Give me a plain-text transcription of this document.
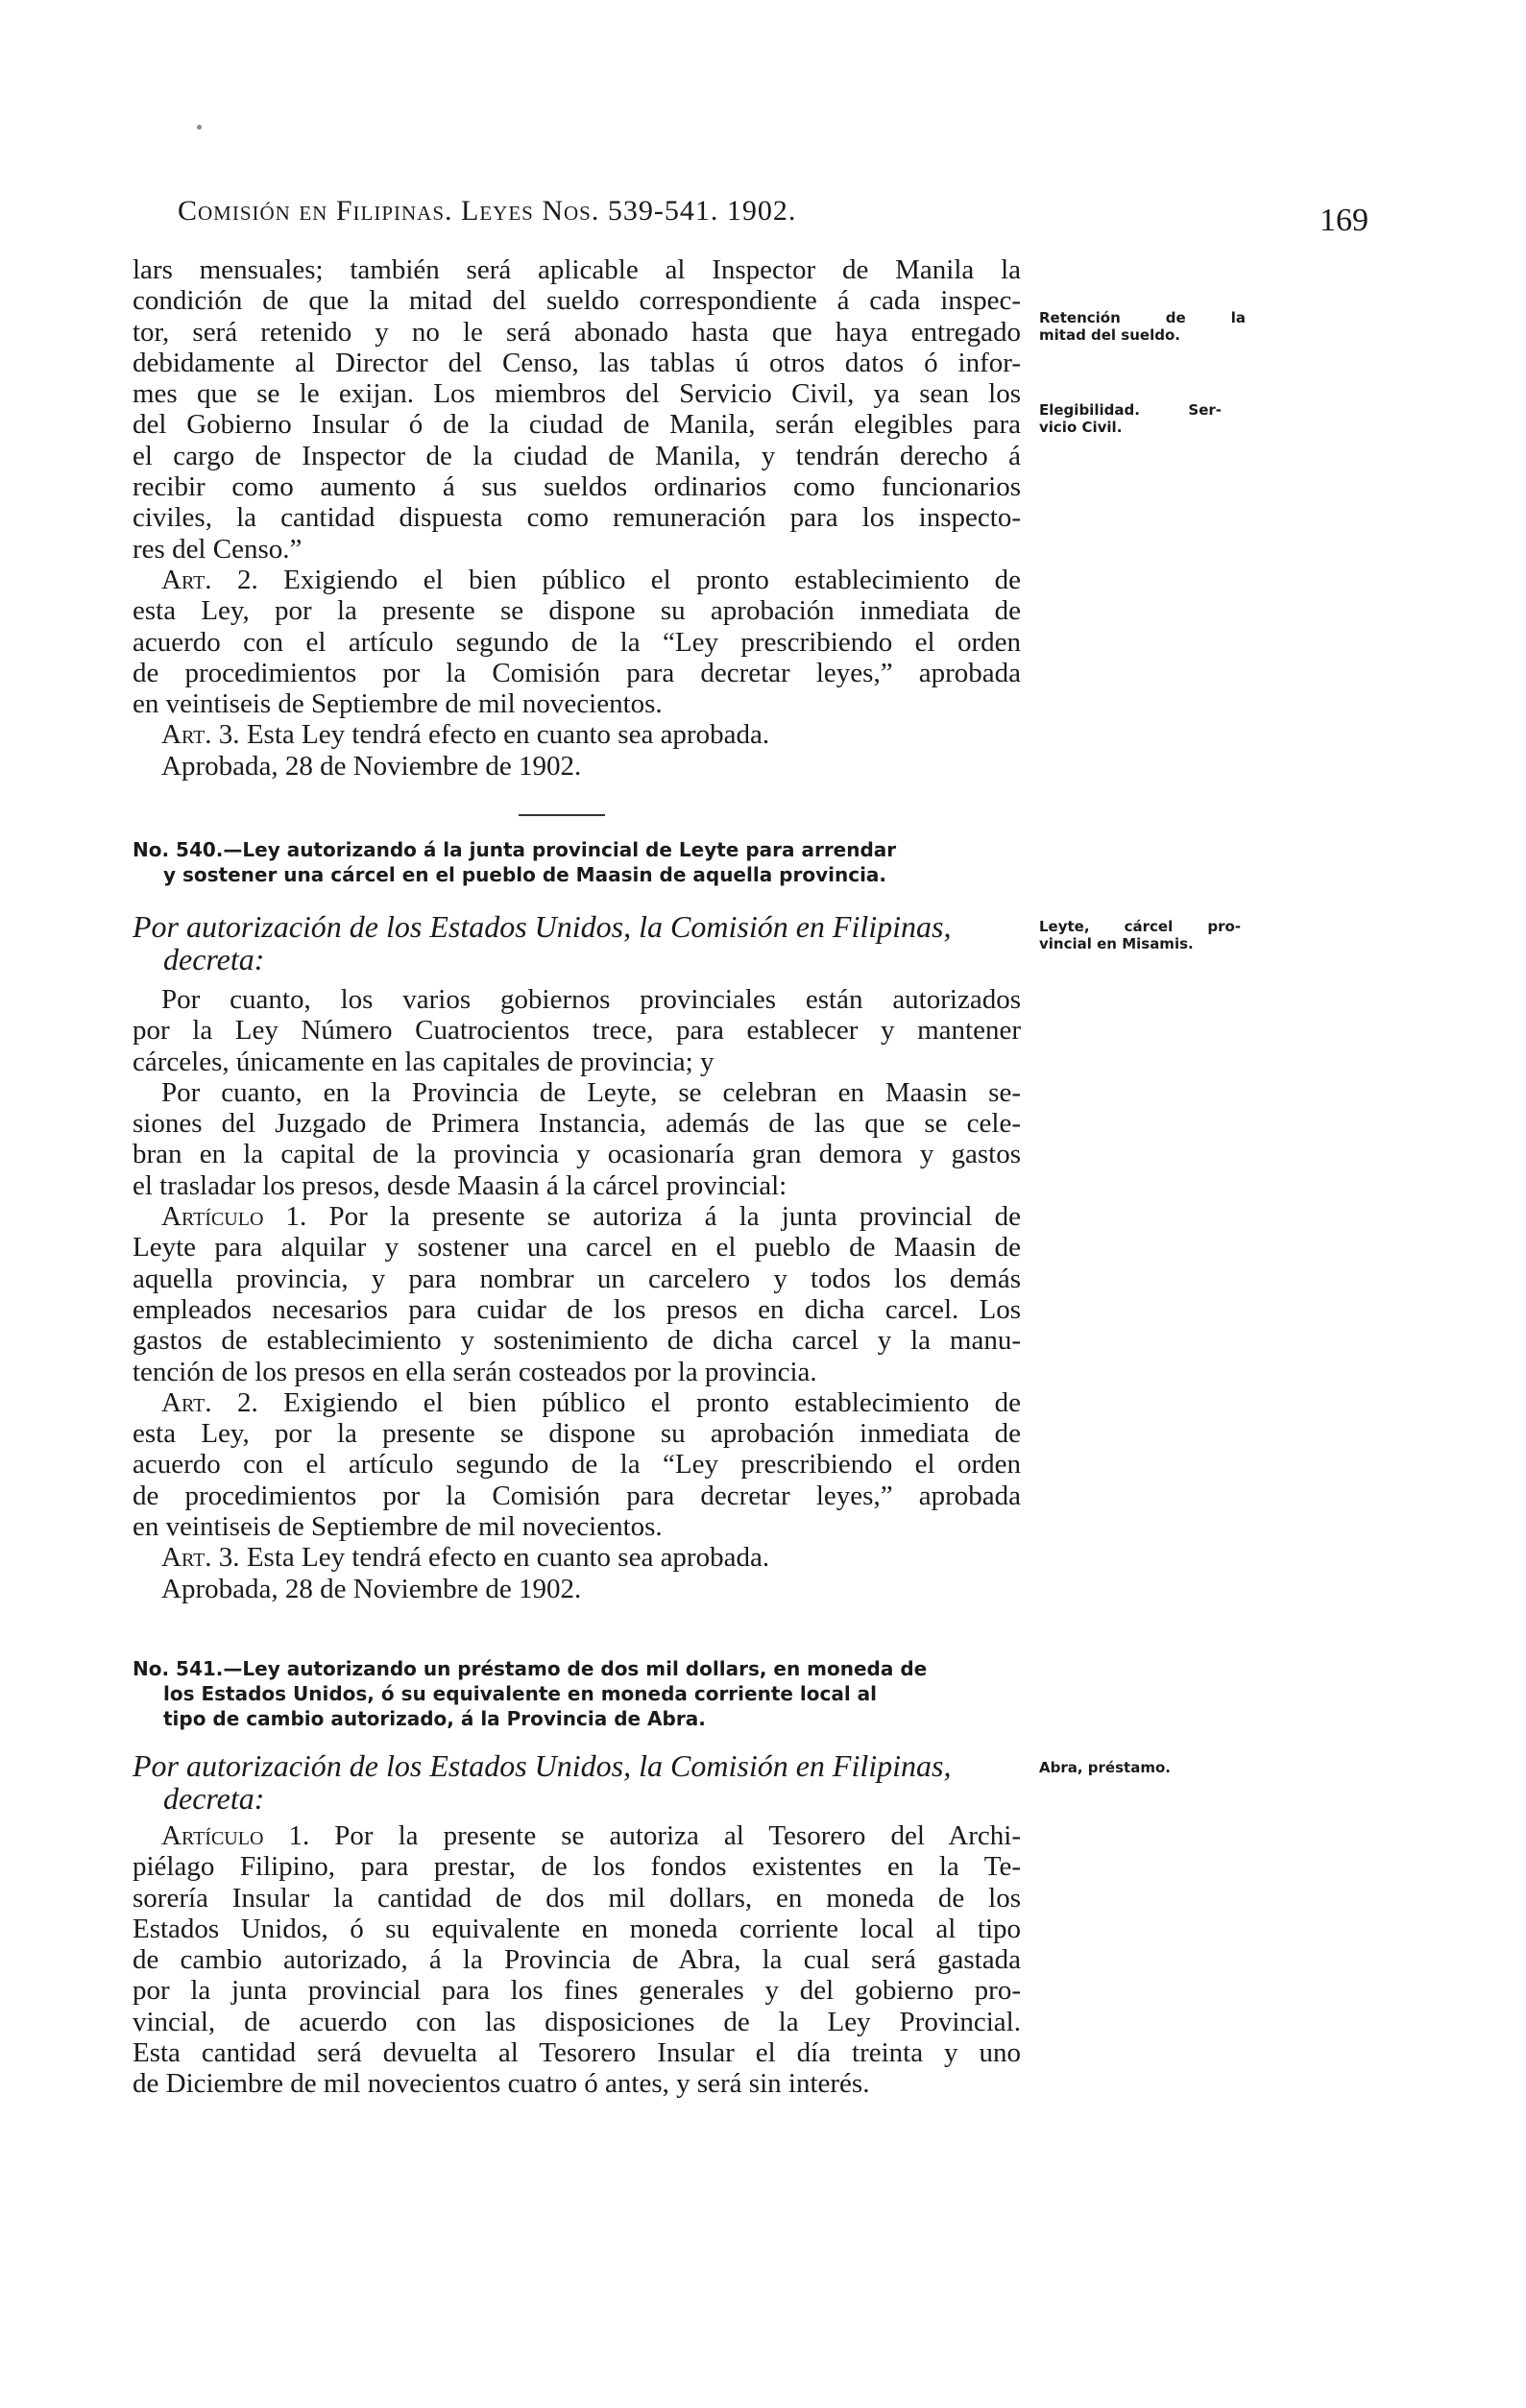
Comisión en Filipinas. Leyes Nos. 539-541. 1902.	169
lars mensuales; también será aplicable al Inspector de Manila la
condición de que la mitad del sueldo correspondiente á cada inspec-
tor, será retenido y no le será abonado hasta que haya entregado
debidamente al Director del Censo, las tablas ú otros datos ó infor-
mes que se le exijan. Los miembros del Servicio Civil, ya sean los
del Gobierno Insular ó de la ciudad de Manila, serán elegibles para
el cargo de Inspector de la ciudad de Manila, y tendrán derecho á
recibir como aumento á sus sueldos ordinarios como funcionarios
civiles, la cantidad dispuesta como remuneración para los inspecto-
res del Censo.”
Art. 2. Exigiendo el bien público el pronto establecimiento de
esta Ley, por la presente se dispone su aprobación inmediata de
acuerdo con el artículo segundo de la “Ley prescribiendo el orden
de procedimientos por la Comisión para decretar leyes,” aprobada
en veintiseis de Septiembre de mil novecientos.
Art. 3. Esta Ley tendrá efecto en cuanto sea aprobada.
Aprobada, 28 de Noviembre de 1902.
Retención de la
mitad del sueldo.
Elegibilidad. Ser-
vicio Civil.
No. 540.—Ley autorizando á la junta provincial de Leyte para arrendar
y sostener una cárcel en el pueblo de Maasin de aquella provincia.
Por autorización de los Estados Unidos, la Comisión en Filipinas,
decreta:
Leyte, cárcel pro-
vincial en Misamis.
Por cuanto, los varios gobiernos provinciales están autorizados
por la Ley Número Cuatrocientos trece, para establecer y mantener
cárceles, únicamente en las capitales de provincia; y
Por cuanto, en la Provincia de Leyte, se celebran en Maasin se-
siones del Juzgado de Primera Instancia, además de las que se cele-
bran en la capital de la provincia y ocasionaría gran demora y gastos
el trasladar los presos, desde Maasin á la cárcel provincial:
Artículo 1. Por la presente se autoriza á la junta provincial de
Leyte para alquilar y sostener una carcel en el pueblo de Maasin de
aquella provincia, y para nombrar un carcelero y todos los demás
empleados necesarios para cuidar de los presos en dicha carcel. Los
gastos de establecimiento y sostenimiento de dicha carcel y la manu-
tención de los presos en ella serán costeados por la provincia.
Art. 2. Exigiendo el bien público el pronto establecimiento de
esta Ley, por la presente se dispone su aprobación inmediata de
acuerdo con el artículo segundo de la “Ley prescribiendo el orden
de procedimientos por la Comisión para decretar leyes,” aprobada
en veintiseis de Septiembre de mil novecientos.
Art. 3. Esta Ley tendrá efecto en cuanto sea aprobada.
Aprobada, 28 de Noviembre de 1902.
No. 541.—Ley autorizando un préstamo de dos mil dollars, en moneda de
los Estados Unidos, ó su equivalente en moneda corriente local al
tipo de cambio autorizado, á la Provincia de Abra.
Por autorización de los Estados Unidos, la Comisión en Filipinas,
decreta:
Abra, préstamo.
Artículo 1. Por la presente se autoriza al Tesorero del Archi-
piélago Filipino, para prestar, de los fondos existentes en la Te-
sorería Insular la cantidad de dos mil dollars, en moneda de los
Estados Unidos, ó su equivalente en moneda corriente local al tipo
de cambio autorizado, á la Provincia de Abra, la cual será gastada
por la junta provincial para los fines generales y del gobierno pro-
vincial, de acuerdo con las disposiciones de la Ley Provincial.
Esta cantidad será devuelta al Tesorero Insular el día treinta y uno
de Diciembre de mil novecientos cuatro ó antes, y será sin interés.
